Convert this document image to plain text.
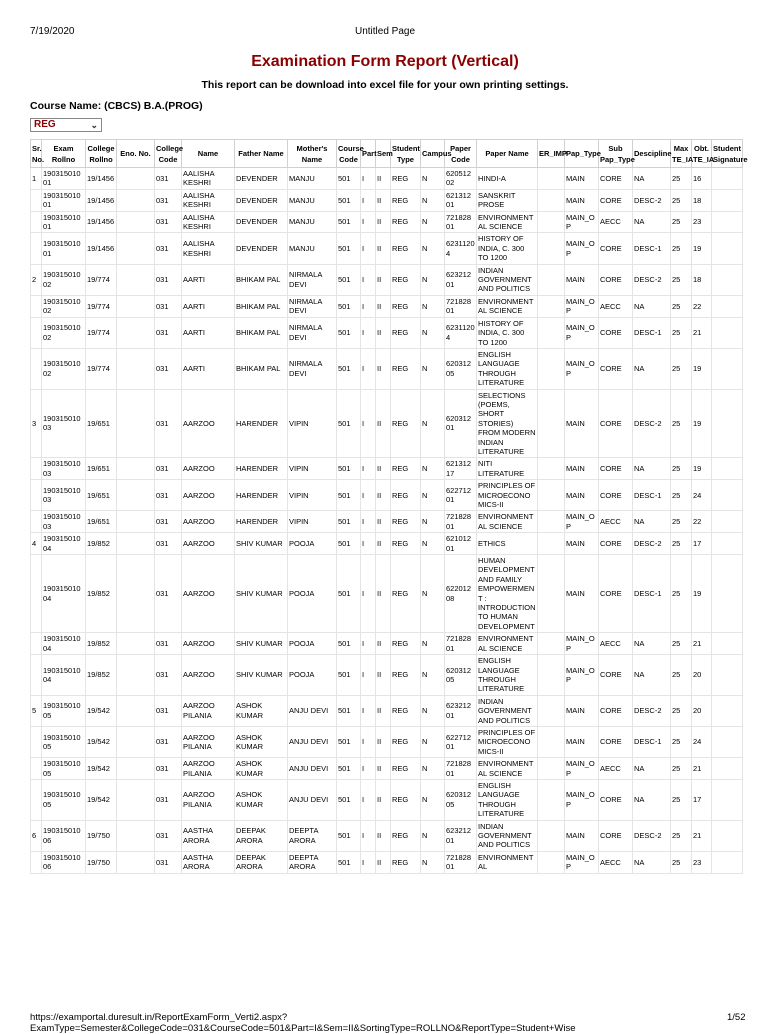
7/19/2020	Untitled Page
Examination Form Report (Vertical)
This report can be download into excel file for your own printing settings.
Course Name: (CBCS) B.A.(PROG)
REG	⌄
Sr. No.	Exam Rollno	College Rollno	Eno. No.	College Code	Name	Father Name	Mother's Name	Course Code	Part	Sem	Student Type	Campus	Paper Code	Paper Name	ER_IMP	Pap_Type	Sub Pap_Type	Descipline	Max TE_IA	Obt. TE_IA	Student Signature
1	19031501001	19/1456		031	AALISHA KESHRI	DEVENDER	MANJU	501	I	II	REG	N	62051202	HINDI-A		MAIN	CORE	NA	25	16	
	19031501001	19/1456		031	AALISHA KESHRI	DEVENDER	MANJU	501	I	II	REG	N	62131201	SANSKRIT PROSE		MAIN	CORE	DESC-2	25	18	
	19031501001	19/1456		031	AALISHA KESHRI	DEVENDER	MANJU	501	I	II	REG	N	72182801	ENVIRONMENTAL SCIENCE		MAIN_OP	AECC	NA	25	23	
	19031501001	19/1456		031	AALISHA KESHRI	DEVENDER	MANJU	501	I	II	REG	N	62311204	HISTORY OF INDIA, C. 300 TO 1200		MAIN_OP	CORE	DESC-1	25	19	
2	19031501002	19/774		031	AARTI	BHIKAM PAL	NIRMALA DEVI	501	I	II	REG	N	62321201	INDIAN GOVERNMENT AND POLITICS		MAIN	CORE	DESC-2	25	18	
	19031501002	19/774		031	AARTI	BHIKAM PAL	NIRMALA DEVI	501	I	II	REG	N	72182801	ENVIRONMENTAL SCIENCE		MAIN_OP	AECC	NA	25	22	
	19031501002	19/774		031	AARTI	BHIKAM PAL	NIRMALA DEVI	501	I	II	REG	N	62311204	HISTORY OF INDIA, C. 300 TO 1200		MAIN_OP	CORE	DESC-1	25	21	
	19031501002	19/774		031	AARTI	BHIKAM PAL	NIRMALA DEVI	501	I	II	REG	N	62031205	ENGLISH LANGUAGE THROUGH LITERATURE		MAIN_OP	CORE	NA	25	19	
3	19031501003	19/651		031	AARZOO	HARENDER	VIPIN	501	I	II	REG	N	62031201	SELECTIONS (POEMS, SHORT STORIES) FROM MODERN INDIAN LITERATURE		MAIN	CORE	DESC-2	25	19	
	19031501003	19/651		031	AARZOO	HARENDER	VIPIN	501	I	II	REG	N	62131217	NITI LITERATURE		MAIN	CORE	NA	25	19	
	19031501003	19/651		031	AARZOO	HARENDER	VIPIN	501	I	II	REG	N	62271201	PRINCIPLES OF MICROECONOMICS-II		MAIN	CORE	DESC-1	25	24	
	19031501003	19/651		031	AARZOO	HARENDER	VIPIN	501	I	II	REG	N	72182801	ENVIRONMENTAL SCIENCE		MAIN_OP	AECC	NA	25	22	
4	19031501004	19/852		031	AARZOO	SHIV KUMAR	POOJA	501	I	II	REG	N	62101201	ETHICS		MAIN	CORE	DESC-2	25	17	
	19031501004	19/852		031	AARZOO	SHIV KUMAR	POOJA	501	I	II	REG	N	62201208	HUMAN DEVELOPMENT AND FAMILY EMPOWERMENT : INTRODUCTION TO HUMAN DEVELOPMENT		MAIN	CORE	DESC-1	25	19	
	19031501004	19/852		031	AARZOO	SHIV KUMAR	POOJA	501	I	II	REG	N	72182801	ENVIRONMENTAL SCIENCE		MAIN_OP	AECC	NA	25	21	
	19031501004	19/852		031	AARZOO	SHIV KUMAR	POOJA	501	I	II	REG	N	62031205	ENGLISH LANGUAGE THROUGH LITERATURE		MAIN_OP	CORE	NA	25	20	
5	19031501005	19/542		031	AARZOO PILANIA	ASHOK KUMAR	ANJU DEVI	501	I	II	REG	N	62321201	INDIAN GOVERNMENT AND POLITICS		MAIN	CORE	DESC-2	25	20	
	19031501005	19/542		031	AARZOO PILANIA	ASHOK KUMAR	ANJU DEVI	501	I	II	REG	N	62271201	PRINCIPLES OF MICROECONOMICS-II		MAIN	CORE	DESC-1	25	24	
	19031501005	19/542		031	AARZOO PILANIA	ASHOK KUMAR	ANJU DEVI	501	I	II	REG	N	72182801	ENVIRONMENTAL SCIENCE		MAIN_OP	AECC	NA	25	21	
	19031501005	19/542		031	AARZOO PILANIA	ASHOK KUMAR	ANJU DEVI	501	I	II	REG	N	62031205	ENGLISH LANGUAGE THROUGH LITERATURE		MAIN_OP	CORE	NA	25	17	
6	19031501006	19/750		031	AASTHA ARORA	DEEPAK ARORA	DEEPTA ARORA	501	I	II	REG	N	62321201	INDIAN GOVERNMENT AND POLITICS		MAIN	CORE	DESC-2	25	21	
	19031501006	19/750		031	AASTHA ARORA	DEEPAK ARORA	DEEPTA ARORA	501	I	II	REG	N	72182801	ENVIRONMENTAL		MAIN_OP	AECC	NA	25	23	
https://examportal.duresult.in/ReportExamForm_Verti2.aspx?ExamType=Semester&CollegeCode=031&CourseCode=501&Part=I&Sem=II&SortingType=ROLLNO&ReportType=Student+Wise
1/52
